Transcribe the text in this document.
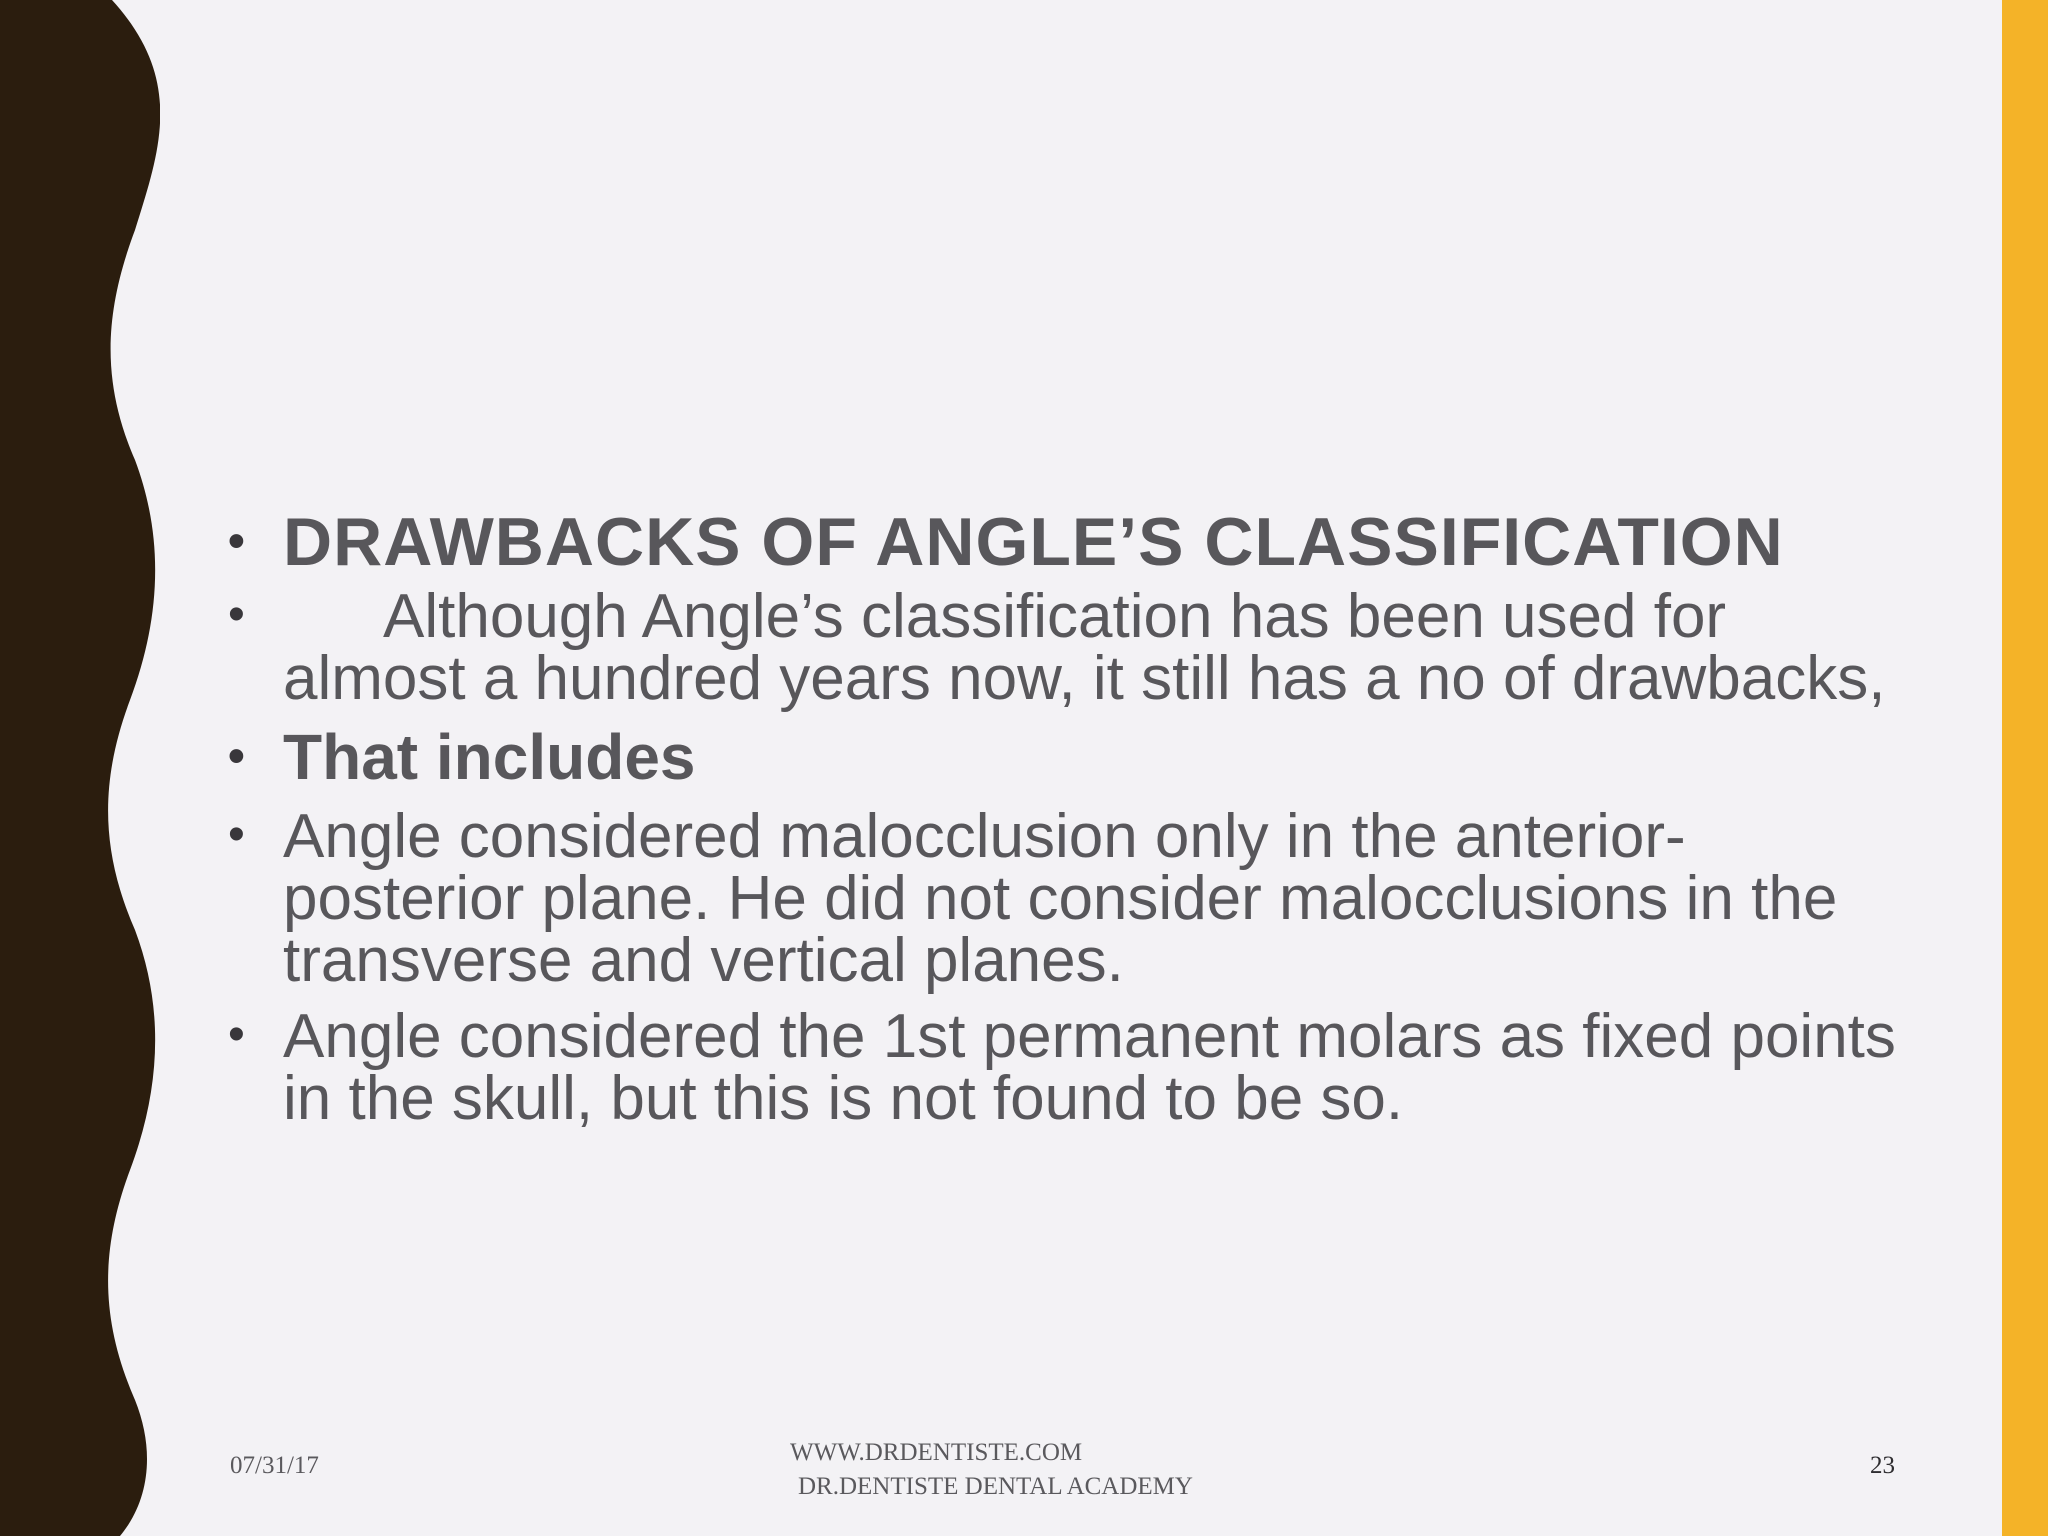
• DRAWBACKS OF ANGLE’S CLASSIFICATION
•	Although Angle’s classification has been used for almost a hundred years now, it still has a no of drawbacks,
• That includes
• Angle considered malocclusion only in the anterior-posterior plane. He did not consider malocclusions in the transverse and vertical planes.
• Angle considered the 1st permanent molars as fixed points in the skull, but this is not found to be so.
07/31/17	WWW.DRDENTISTE.COM
DR.DENTISTE DENTAL ACADEMY
23
